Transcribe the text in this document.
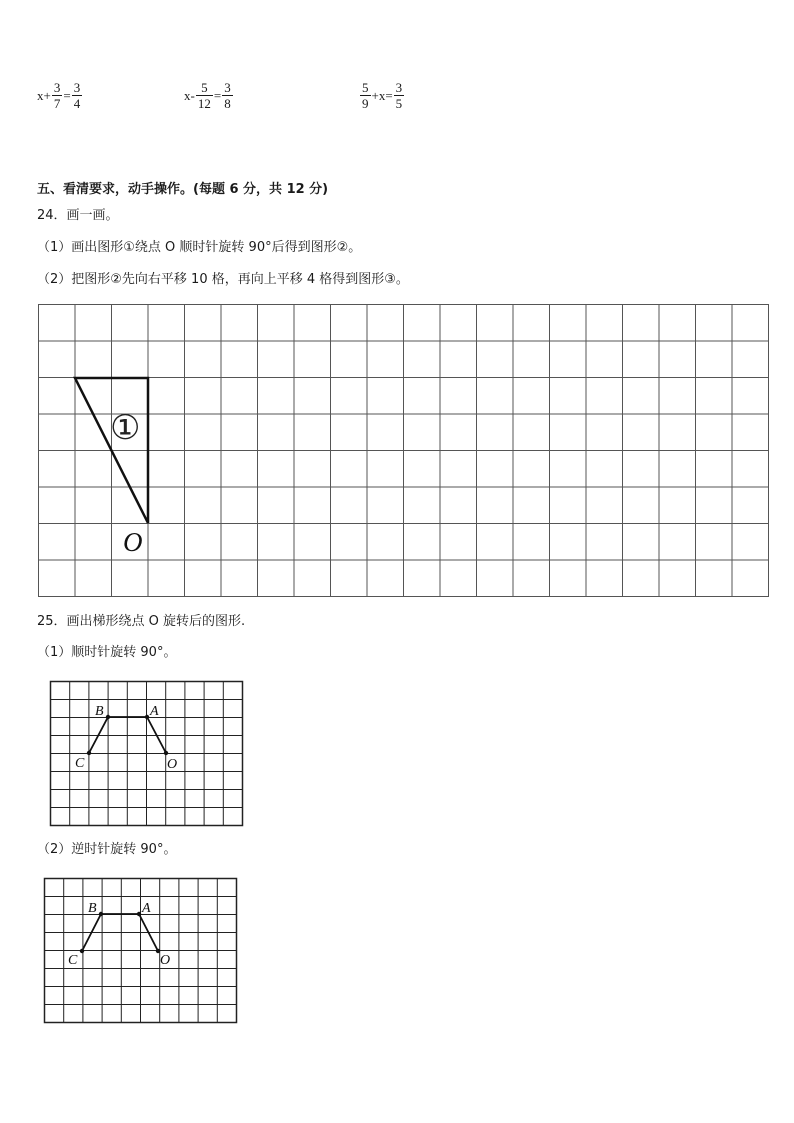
$x+ \frac{3}{7} = \frac{3}{4}$	$x- \frac{5}{12} = \frac{3}{8}$	$\frac{5}{9} +x= \frac{3}{5}$
五、看清要求，动手操作。(每题 6 分，共 12 分)
24．画一画。
（1）画出图形①绕点 O 顺时针旋转 90°后得到图形②。
（2）把图形②先向右平移 10 格，再向上平移 4 格得到图形③。
①
O
25．画出梯形绕点 O 旋转后的图形.
（1）顺时针旋转 90°。
B	A
C	O
B	A
C	O
（2）逆时针旋转 90°。
